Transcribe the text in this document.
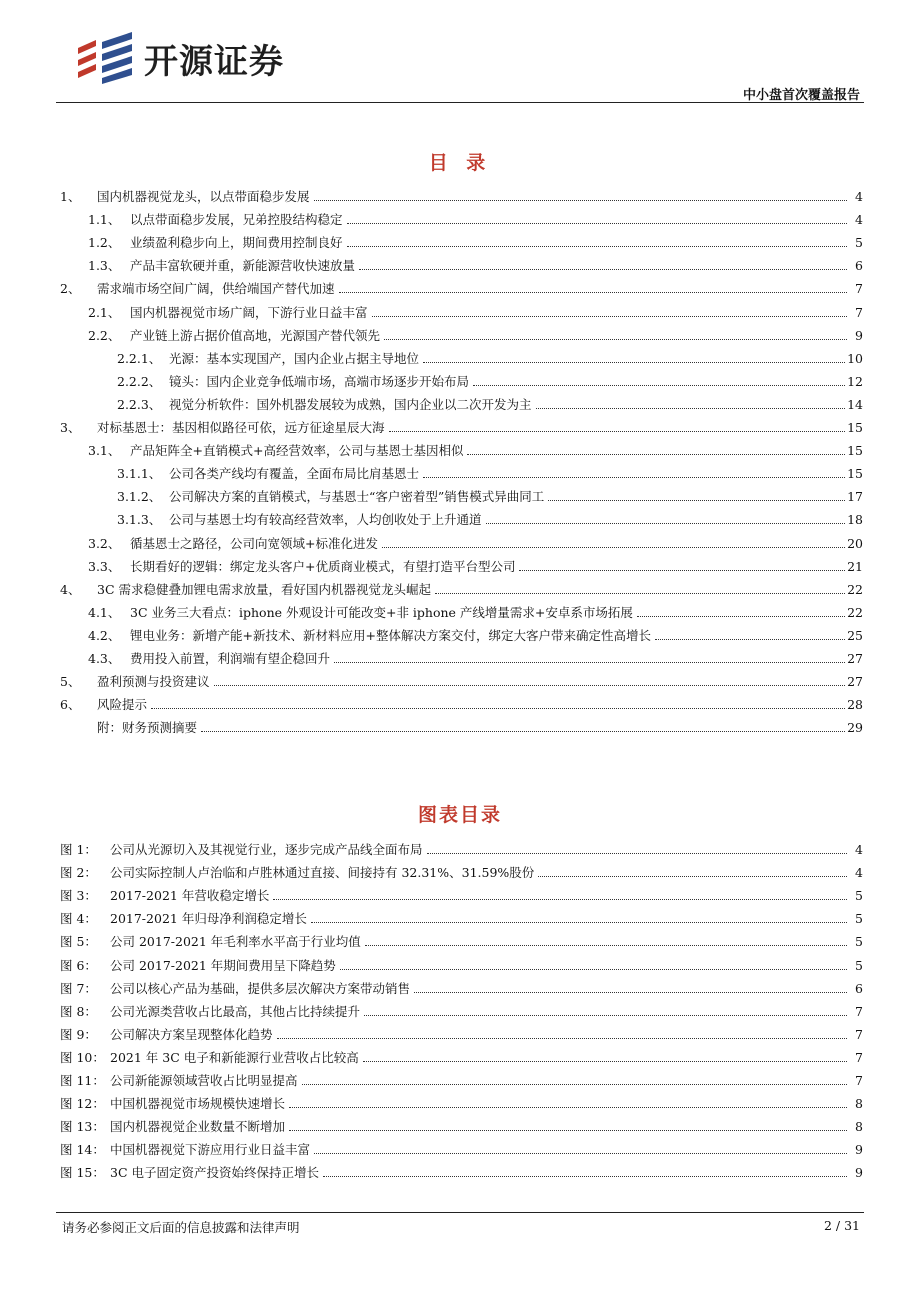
开源证券
中小盘首次覆盖报告
目 录
1、	国内机器视觉龙头，以点带面稳步发展	4
1.1、 以点带面稳步发展，兄弟控股结构稳定	4
1.2、 业绩盈利稳步向上，期间费用控制良好	5
1.3、 产品丰富软硬并重，新能源营收快速放量	6
2、	需求端市场空间广阔，供给端国产替代加速	7
2.1、 国内机器视觉市场广阔，下游行业日益丰富	7
2.2、 产业链上游占据价值高地，光源国产替代领先	9
2.2.1、 光源：基本实现国产，国内企业占据主导地位	10
2.2.2、 镜头：国内企业竞争低端市场，高端市场逐步开始布局	12
2.2.3、 视觉分析软件：国外机器发展较为成熟，国内企业以二次开发为主	14
3、	对标基恩士：基因相似路径可依，远方征途星辰大海	15
3.1、 产品矩阵全+直销模式+高经营效率，公司与基恩士基因相似	15
3.1.1、 公司各类产线均有覆盖，全面布局比肩基恩士	15
3.1.2、 公司解决方案的直销模式，与基恩士“客户密着型”销售模式异曲同工	17
3.1.3、 公司与基恩士均有较高经营效率，人均创收处于上升通道	18
3.2、 循基恩士之路径，公司向宽领域+标准化进发	20
3.3、 长期看好的逻辑：绑定龙头客户+优质商业模式，有望打造平台型公司	21
4、	3C 需求稳健叠加锂电需求放量，看好国内机器视觉龙头崛起	22
4.1、 3C 业务三大看点：iphone 外观设计可能改变+非 iphone 产线增量需求+安卓系市场拓展	22
4.2、 锂电业务：新增产能+新技术、新材料应用+整体解决方案交付，绑定大客户带来确定性高增长	25
4.3、 费用投入前置，利润端有望企稳回升	27
5、	盈利预测与投资建议	27
6、	风险提示	28
附：财务预测摘要	29
图表目录
图 1：	公司从光源切入及其视觉行业，逐步完成产品线全面布局	4
图 2：	公司实际控制人卢治临和卢胜林通过直接、间接持有 32.31%、31.59%股份	4
图 3：	2017-2021 年营收稳定增长	5
图 4：	2017-2021 年归母净利润稳定增长	5
图 5：	公司 2017-2021 年毛利率水平高于行业均值	5
图 6：	公司 2017-2021 年期间费用呈下降趋势	5
图 7：	公司以核心产品为基础，提供多层次解决方案带动销售	6
图 8：	公司光源类营收占比最高，其他占比持续提升	7
图 9：	公司解决方案呈现整体化趋势	7
图 10： 2021 年 3C 电子和新能源行业营收占比较高	7
图 11： 公司新能源领域营收占比明显提高	7
图 12： 中国机器视觉市场规模快速增长	8
图 13： 国内机器视觉企业数量不断增加	8
图 14： 中国机器视觉下游应用行业日益丰富	9
图 15： 3C 电子固定资产投资始终保持正增长	9
请务必参阅正文后面的信息披露和法律声明	2 / 31
